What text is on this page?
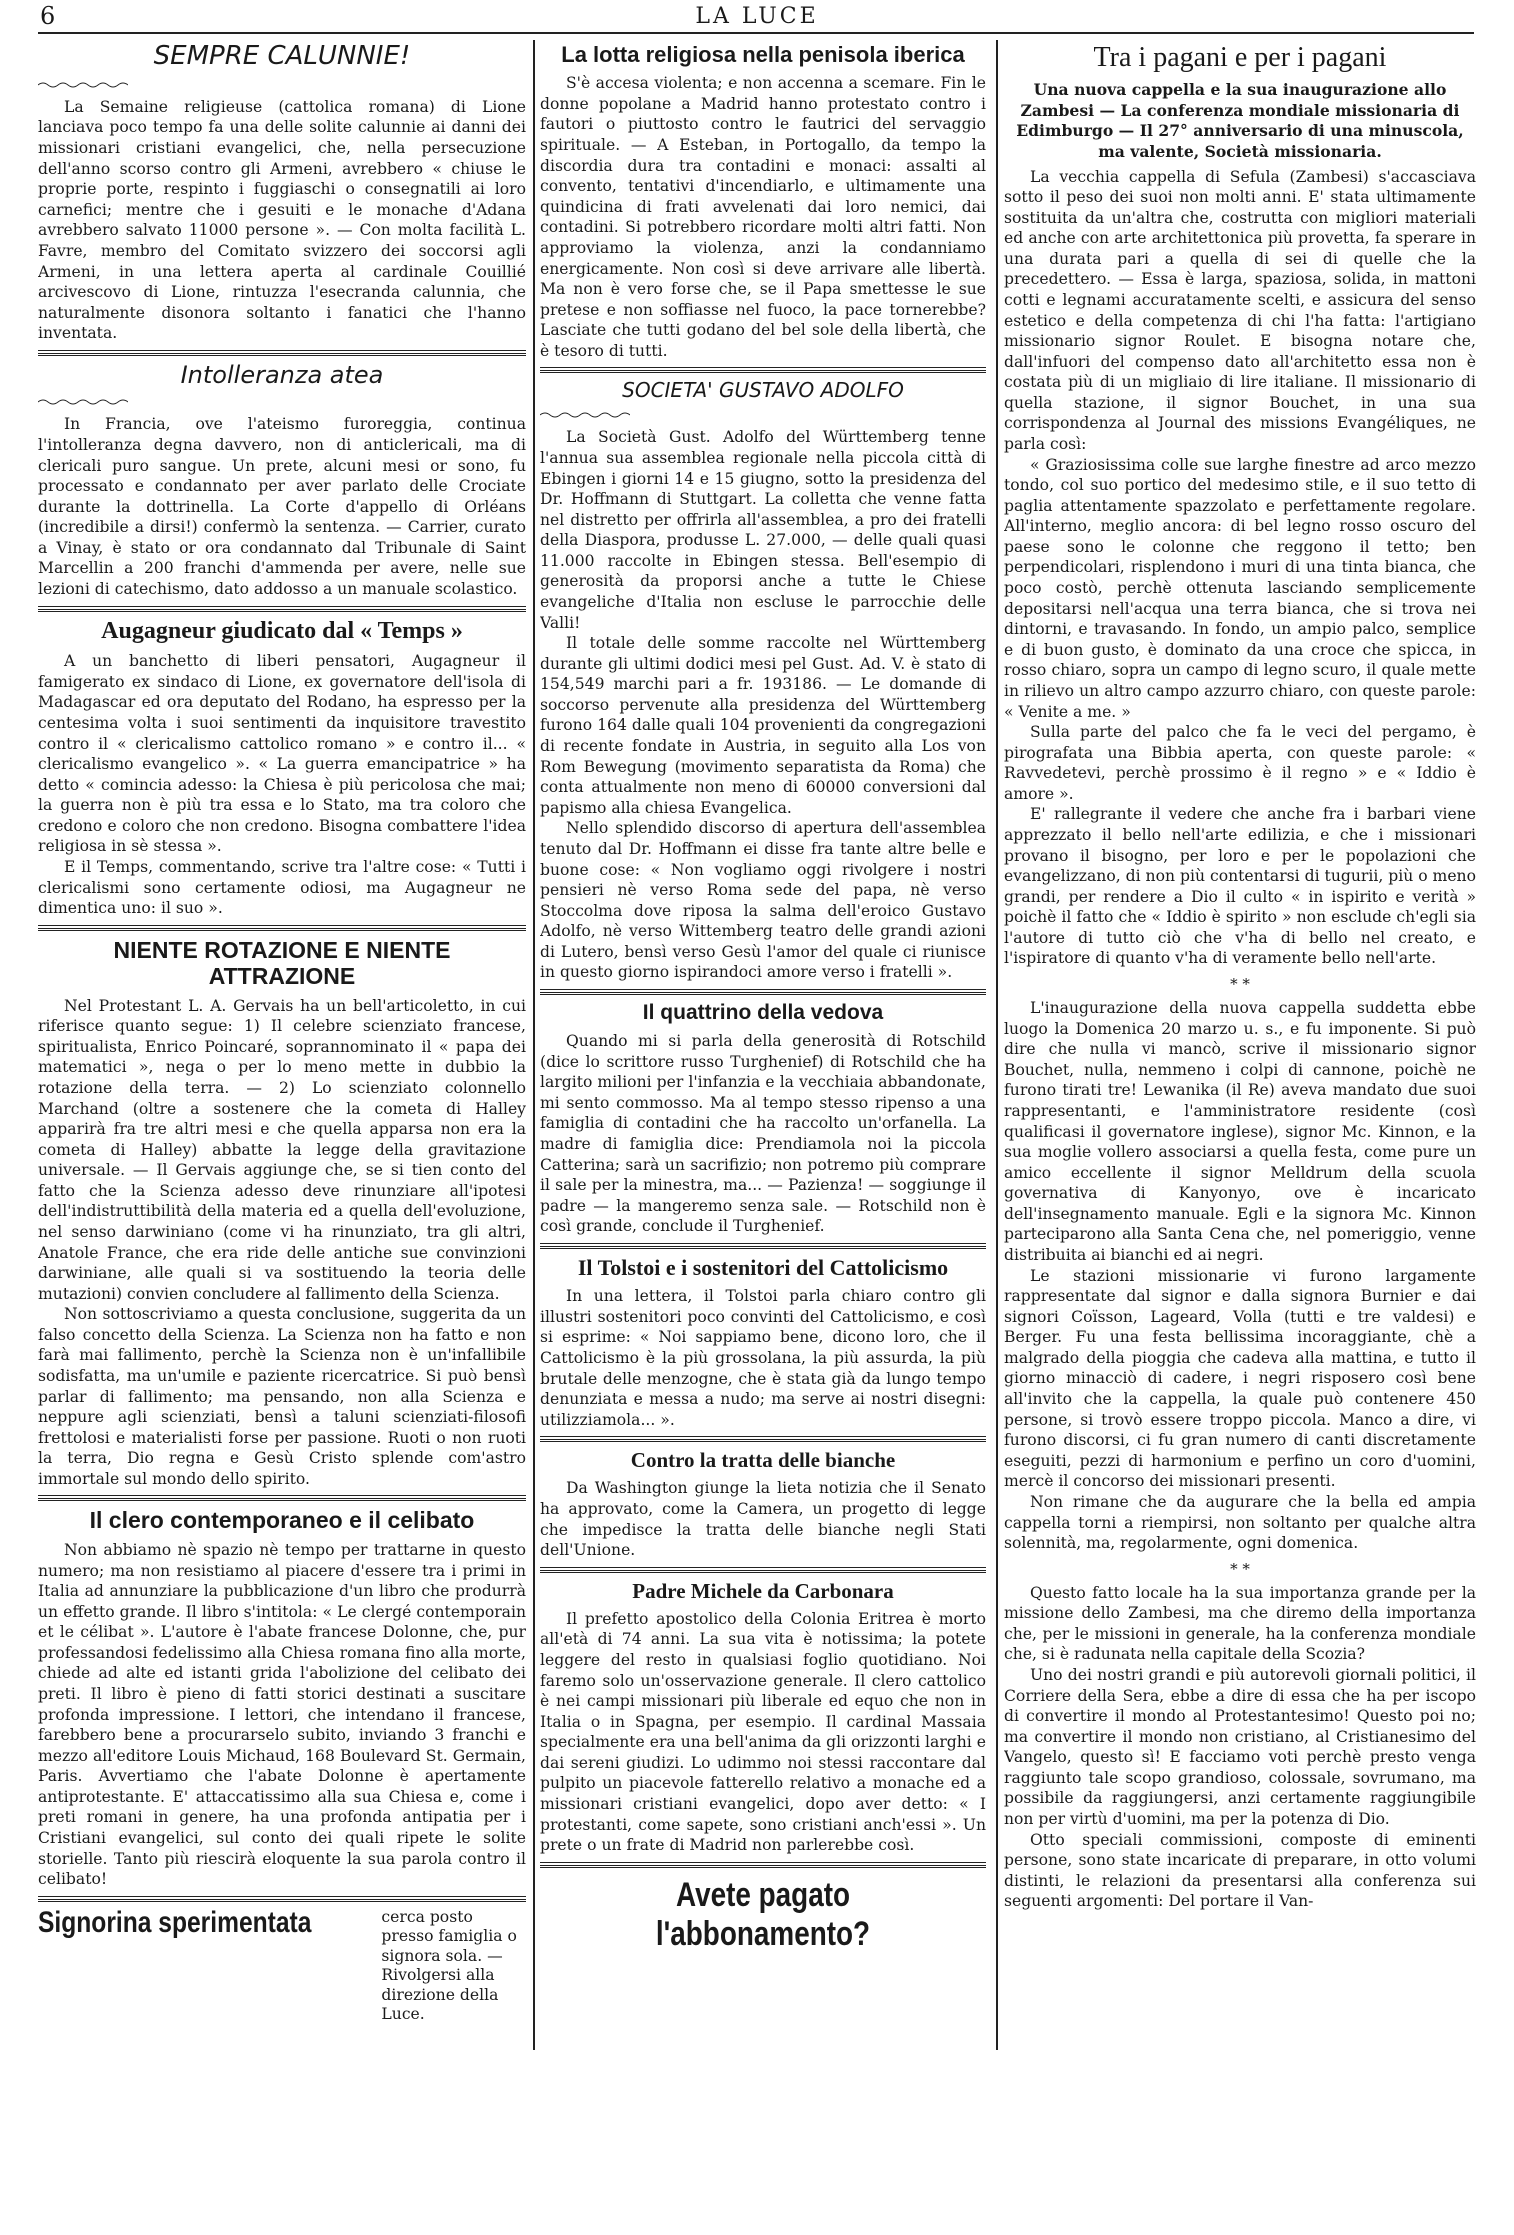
6	LA LUCE
SEMPRE CALUNNIE!

La Semaine religieuse (cattolica romana) di Lione lanciava poco tempo fa una delle solite calunnie ai danni dei missionari cristiani evangelici, che, nella persecuzione dell'anno scorso contro gli Armeni, avrebbero « chiuse le proprie porte, respinto i fuggiaschi o consegnatili ai loro carnefici; mentre che i gesuiti e le monache d'Adana avrebbero salvato 11000 persone ». — Con molta facilità L. Favre, membro del Comitato svizzero dei soccorsi agli Armeni, in una lettera aperta al cardinale Couillié arcivescovo di Lione, rintuzza l'esecranda calunnia, che naturalmente disonora soltanto i fanatici che l'hanno inventata.

Intolleranza atea

In Francia, ove l'ateismo furoreggia, continua l'intolleranza degna davvero, non di anticlericali, ma di clericali puro sangue. Un prete, alcuni mesi or sono, fu processato e condannato per aver parlato delle Crociate durante la dottrinella. La Corte d'appello di Orléans (incredibile a dirsi!) confermò la sentenza. — Carrier, curato a Vinay, è stato or ora condannato dal Tribunale di Saint Marcellin a 200 franchi d'ammenda per avere, nelle sue lezioni di catechismo, dato addosso a un manuale scolastico.

Augagneur giudicato dal « Temps »

A un banchetto di liberi pensatori, Augagneur il famigerato ex sindaco di Lione, ex governatore dell'isola di Madagascar ed ora deputato del Rodano, ha espresso per la centesima volta i suoi sentimenti da inquisitore travestito contro il « clericalismo cattolico romano » e contro il... « clericalismo evangelico ». « La guerra emancipatrice » ha detto « comincia adesso: la Chiesa è più pericolosa che mai; la guerra non è più tra essa e lo Stato, ma tra coloro che credono e coloro che non credono. Bisogna combattere l'idea religiosa in sè stessa ».

E il Temps, commentando, scrive tra l'altre cose: « Tutti i clericalismi sono certamente odiosi, ma Augagneur ne dimentica uno: il suo ».

NIENTE ROTAZIONE E NIENTE ATTRAZIONE

Nel Protestant L. A. Gervais ha un bell'articoletto, in cui riferisce quanto segue: 1) Il celebre scienziato francese, spiritualista, Enrico Poincaré, soprannominato il « papa dei matematici », nega o per lo meno mette in dubbio la rotazione della terra. — 2) Lo scienziato colonnello Marchand (oltre a sostenere che la cometa di Halley apparirà fra tre altri mesi e che quella apparsa non era la cometa di Halley) abbatte la legge della gravitazione universale. — Il Gervais aggiunge che, se si tien conto del fatto che la Scienza adesso deve rinunziare all'ipotesi dell'indistruttibilità della materia ed a quella dell'evoluzione, nel senso darwiniano (come vi ha rinunziato, tra gli altri, Anatole France, che era ride delle antiche sue convinzioni darwiniane, alle quali si va sostituendo la teoria delle mutazioni) convien concludere al fallimento della Scienza.

Non sottoscriviamo a questa conclusione, suggerita da un falso concetto della Scienza. La Scienza non ha fatto e non farà mai fallimento, perchè la Scienza non è un'infallibile sodisfatta, ma un'umile e paziente ricercatrice. Si può bensì parlar di fallimento; ma pensando, non alla Scienza e neppure agli scienziati, bensì a taluni scienziati-filosofi frettolosi e materialisti forse per passione. Ruoti o non ruoti la terra, Dio regna e Gesù Cristo splende com'astro immortale sul mondo dello spirito.

Il clero contemporaneo e il celibato

Non abbiamo nè spazio nè tempo per trattarne in questo numero; ma non resistiamo al piacere d'essere tra i primi in Italia ad annunziare la pubblicazione d'un libro che produrrà un effetto grande. Il libro s'intitola: « Le clergé contemporain et le célibat ». L'autore è l'abate francese Dolonne, che, pur professandosi fedelissimo alla Chiesa romana fino alla morte, chiede ad alte ed istanti grida l'abolizione del celibato dei preti. Il libro è pieno di fatti storici destinati a suscitare profonda impressione. I lettori, che intendano il francese, farebbero bene a procurarselo subito, inviando 3 franchi e mezzo all'editore Louis Michaud, 168 Boulevard St. Germain, Paris. Avvertiamo che l'abate Dolonne è apertamente antiprotestante. E' attaccatissimo alla sua Chiesa e, come i preti romani in genere, ha una profonda antipatia per i Cristiani evangelici, sul conto dei quali ripete le solite storielle. Tanto più riescirà eloquente la sua parola contro il celibato!

Signorina sperimentata	cerca posto presso famiglia o signora sola. — Rivolgersi alla direzione della Luce.
La lotta religiosa nella penisola iberica

S'è accesa violenta; e non accenna a scemare. Fin le donne popolane a Madrid hanno protestato contro i fautori o piuttosto contro le fautrici del servaggio spirituale. — A Esteban, in Portogallo, da tempo la discordia dura tra contadini e monaci: assalti al convento, tentativi d'incendiarlo, e ultimamente una quindicina di frati avvelenati dai loro nemici, dai contadini. Si potrebbero ricordare molti altri fatti. Non approviamo la violenza, anzi la condanniamo energicamente. Non così si deve arrivare alle libertà. Ma non è vero forse che, se il Papa smettesse le sue pretese e non soffiasse nel fuoco, la pace tornerebbe? Lasciate che tutti godano del bel sole della libertà, che è tesoro di tutti.

SOCIETA' GUSTAVO ADOLFO

La Società Gust. Adolfo del Württemberg tenne l'annua sua assemblea regionale nella piccola città di Ebingen i giorni 14 e 15 giugno, sotto la presidenza del Dr. Hoffmann di Stuttgart. La colletta che venne fatta nel distretto per offrirla all'assemblea, a pro dei fratelli della Diaspora, produsse L. 27.000, — delle quali quasi 11.000 raccolte in Ebingen stessa. Bell'esempio di generosità da proporsi anche a tutte le Chiese evangeliche d'Italia non escluse le parrocchie delle Valli!

Il totale delle somme raccolte nel Württemberg durante gli ultimi dodici mesi pel Gust. Ad. V. è stato di 154,549 marchi pari a fr. 193186. — Le domande di soccorso pervenute alla presidenza del Württemberg furono 164 dalle quali 104 provenienti da congregazioni di recente fondate in Austria, in seguito alla Los von Rom Bewegung (movimento separatista da Roma) che conta attualmente non meno di 60000 conversioni dal papismo alla chiesa Evangelica.

Nello splendido discorso di apertura dell'assemblea tenuto dal Dr. Hoffmann ei disse fra tante altre belle e buone cose: « Non vogliamo oggi rivolgere i nostri pensieri nè verso Roma sede del papa, nè verso Stoccolma dove riposa la salma dell'eroico Gustavo Adolfo, nè verso Wittemberg teatro delle grandi azioni di Lutero, bensì verso Gesù l'amor del quale ci riunisce in questo giorno ispirandoci amore verso i fratelli ».

Il quattrino della vedova

Quando mi si parla della generosità di Rotschild (dice lo scrittore russo Turghenief) di Rotschild che ha largito milioni per l'infanzia e la vecchiaia abbandonate, mi sento commosso. Ma al tempo stesso ripenso a una famiglia di contadini che ha raccolto un'orfanella. La madre di famiglia dice: Prendiamola noi la piccola Catterina; sarà un sacrifizio; non potremo più comprare il sale per la minestra, ma... — Pazienza! — soggiunge il padre — la mangeremo senza sale. — Rotschild non è così grande, conclude il Turghenief.

Il Tolstoi e i sostenitori del Cattolicismo

In una lettera, il Tolstoi parla chiaro contro gli illustri sostenitori poco convinti del Cattolicismo, e così si esprime: « Noi sappiamo bene, dicono loro, che il Cattolicismo è la più grossolana, la più assurda, la più brutale delle menzogne, che è stata già da lungo tempo denunziata e messa a nudo; ma serve ai nostri disegni: utilizziamola... ».

Contro la tratta delle bianche

Da Washington giunge la lieta notizia che il Senato ha approvato, come la Camera, un progetto di legge che impedisce la tratta delle bianche negli Stati dell'Unione.

Padre Michele da Carbonara

Il prefetto apostolico della Colonia Eritrea è morto all'età di 74 anni. La sua vita è notissima; la potete leggere del resto in qualsiasi foglio quotidiano. Noi faremo solo un'osservazione generale. Il clero cattolico è nei campi missionari più liberale ed equo che non in Italia o in Spagna, per esempio. Il cardinal Massaia specialmente era una bell'anima da gli orizzonti larghi e dai sereni giudizi. Lo udimmo noi stessi raccontare dal pulpito un piacevole fatterello relativo a monache ed a missionari cristiani evangelici, dopo aver detto: « I protestanti, come sapete, sono cristiani anch'essi ». Un prete o un frate di Madrid non parlerebbe così.

Avete pagato l'abbonamento?
Tra i pagani e per i pagani
Una nuova cappella e la sua inaugurazione allo Zambesi — La conferenza mondiale missionaria di Edimburgo — Il 27° anniversario di una minuscola, ma valente, Società missionaria.

La vecchia cappella di Sefula (Zambesi) s'accasciava sotto il peso dei suoi non molti anni. E' stata ultimamente sostituita da un'altra che, costrutta con migliori materiali ed anche con arte architettonica più provetta, fa sperare in una durata pari a quella di sei di quelle che la precedettero. — Essa è larga, spaziosa, solida, in mattoni cotti e legnami accuratamente scelti, e assicura del senso estetico e della competenza di chi l'ha fatta: l'artigiano missionario signor Roulet. E bisogna notare che, dall'infuori del compenso dato all'architetto essa non è costata più di un migliaio di lire italiane. Il missionario di quella stazione, il signor Bouchet, in una sua corrispondenza al Journal des missions Evangéliques, ne parla così:

« Graziosissima colle sue larghe finestre ad arco mezzo tondo, col suo portico del medesimo stile, e il suo tetto di paglia attentamente spazzolato e perfettamente regolare. All'interno, meglio ancora: di bel legno rosso oscuro del paese sono le colonne che reggono il tetto; ben perpendicolari, risplendono i muri di una tinta bianca, che poco costò, perchè ottenuta lasciando semplicemente depositarsi nell'acqua una terra bianca, che si trova nei dintorni, e travasando. In fondo, un ampio palco, semplice e di buon gusto, è dominato da una croce che spicca, in rosso chiaro, sopra un campo di legno scuro, il quale mette in rilievo un altro campo azzurro chiaro, con queste parole: « Venite a me. »

Sulla parte del palco che fa le veci del pergamo, è pirografata una Bibbia aperta, con queste parole: « Ravvedetevi, perchè prossimo è il regno » e « Iddio è amore ».

E' rallegrante il vedere che anche fra i barbari viene apprezzato il bello nell'arte edilizia, e che i missionari provano il bisogno, per loro e per le popolazioni che evangelizzano, di non più contentarsi di tugurii, più o meno grandi, per rendere a Dio il culto « in ispirito e verità » poichè il fatto che « Iddio è spirito » non esclude ch'egli sia l'autore di tutto ciò che v'ha di bello nel creato, e l'ispiratore di quanto v'ha di veramente bello nell'arte.

* *

L'inaugurazione della nuova cappella suddetta ebbe luogo la Domenica 20 marzo u. s., e fu imponente. Si può dire che nulla vi mancò, scrive il missionario signor Bouchet, nulla, nemmeno i colpi di cannone, poichè ne furono tirati tre! Lewanika (il Re) aveva mandato due suoi rappresentanti, e l'amministratore residente (così qualificasi il governatore inglese), signor Mc. Kinnon, e la sua moglie vollero associarsi a quella festa, come pure un amico eccellente il signor Melldrum della scuola governativa di Kanyonyo, ove è incaricato dell'insegnamento manuale. Egli e la signora Mc. Kinnon parteciparono alla Santa Cena che, nel pomeriggio, venne distribuita ai bianchi ed ai negri.

Le stazioni missionarie vi furono largamente rappresentate dal signor e dalla signora Burnier e dai signori Coïsson, Lageard, Volla (tutti e tre valdesi) e Berger. Fu una festa bellissima incoraggiante, chè a malgrado della pioggia che cadeva alla mattina, e tutto il giorno minacciò di cadere, i negri risposero così bene all'invito che la cappella, la quale può contenere 450 persone, si trovò essere troppo piccola. Manco a dire, vi furono discorsi, ci fu gran numero di canti discretamente eseguiti, pezzi di harmonium e perfino un coro d'uomini, mercè il concorso dei missionari presenti.

Non rimane che da augurare che la bella ed ampia cappella torni a riempirsi, non soltanto per qualche altra solennità, ma, regolarmente, ogni domenica.

* *

Questo fatto locale ha la sua importanza grande per la missione dello Zambesi, ma che diremo della importanza che, per le missioni in generale, ha la conferenza mondiale che, si è radunata nella capitale della Scozia?

Uno dei nostri grandi e più autorevoli giornali politici, il Corriere della Sera, ebbe a dire di essa che ha per iscopo di convertire il mondo al Protestantesimo! Questo poi no; ma convertire il mondo non cristiano, al Cristianesimo del Vangelo, questo sì! E facciamo voti perchè presto venga raggiunto tale scopo grandioso, colossale, sovrumano, ma possibile da raggiungersi, anzi certamente raggiungibile non per virtù d'uomini, ma per la potenza di Dio.

Otto speciali commissioni, composte di eminenti persone, sono state incaricate di preparare, in otto volumi distinti, le relazioni da presentarsi alla conferenza sui seguenti argomenti: Del portare il Van-
